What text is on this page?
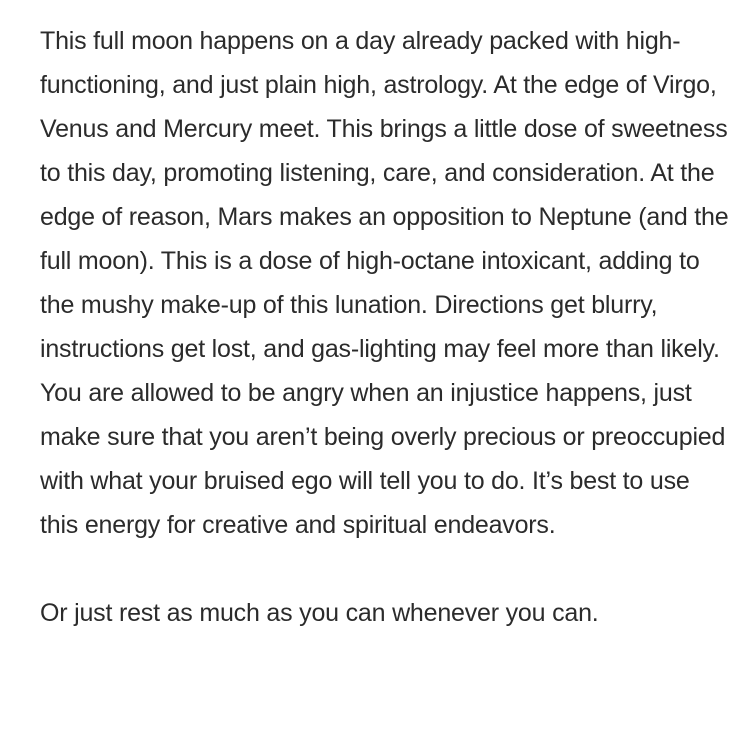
This full moon happens on a day already packed with high-functioning, and just plain high, astrology. At the edge of Virgo, Venus and Mercury meet. This brings a little dose of sweetness to this day, promoting listening, care, and consideration. At the edge of reason, Mars makes an opposition to Neptune (and the full moon). This is a dose of high-octane intoxicant, adding to the mushy make-up of this lunation. Directions get blurry, instructions get lost, and gas-lighting may feel more than likely. You are allowed to be angry when an injustice happens, just make sure that you aren’t being overly precious or preoccupied with what your bruised ego will tell you to do. It’s best to use this energy for creative and spiritual endeavors.

Or just rest as much as you can whenever you can.
